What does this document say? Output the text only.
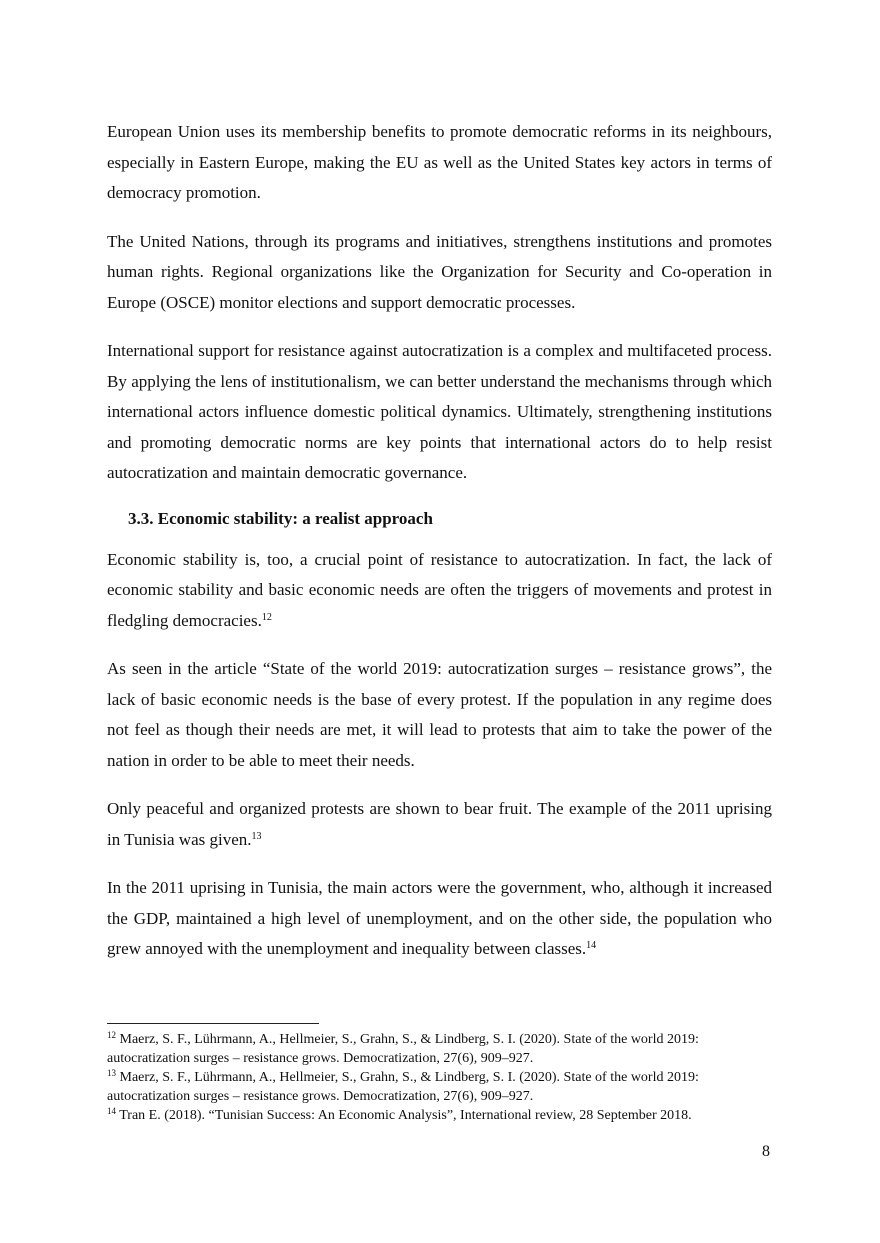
European Union uses its membership benefits to promote democratic reforms in its neighbours, especially in Eastern Europe, making the EU as well as the United States key actors in terms of democracy promotion.

The United Nations, through its programs and initiatives, strengthens institutions and promotes human rights. Regional organizations like the Organization for Security and Co-operation in Europe (OSCE) monitor elections and support democratic processes.

International support for resistance against autocratization is a complex and multifaceted process. By applying the lens of institutionalism, we can better understand the mechanisms through which international actors influence domestic political dynamics. Ultimately, strengthening institutions and promoting democratic norms are key points that international actors do to help resist autocratization and maintain democratic governance.

3.3. Economic stability: a realist approach

Economic stability is, too, a crucial point of resistance to autocratization. In fact, the lack of economic stability and basic economic needs are often the triggers of movements and protest in fledgling democracies.$^{12}$

As seen in the article “State of the world 2019: autocratization surges – resistance grows”, the lack of basic economic needs is the base of every protest. If the population in any regime does not feel as though their needs are met, it will lead to protests that aim to take the power of the nation in order to be able to meet their needs.

Only peaceful and organized protests are shown to bear fruit. The example of the 2011 uprising in Tunisia was given.$^{13}$

In the 2011 uprising in Tunisia, the main actors were the government, who, although it increased the GDP, maintained a high level of unemployment, and on the other side, the population who grew annoyed with the unemployment and inequality between classes.$^{14}$

$^{12}$ Maerz, S. F., Lührmann, A., Hellmeier, S., Grahn, S., & Lindberg, S. I. (2020). State of the world 2019: autocratization surges – resistance grows. Democratization, 27(6), 909–927.

$^{13}$ Maerz, S. F., Lührmann, A., Hellmeier, S., Grahn, S., & Lindberg, S. I. (2020). State of the world 2019: autocratization surges – resistance grows. Democratization, 27(6), 909–927.

$^{14}$ Tran E. (2018). “Tunisian Success: An Economic Analysis”, International review, 28 September 2018.

8
